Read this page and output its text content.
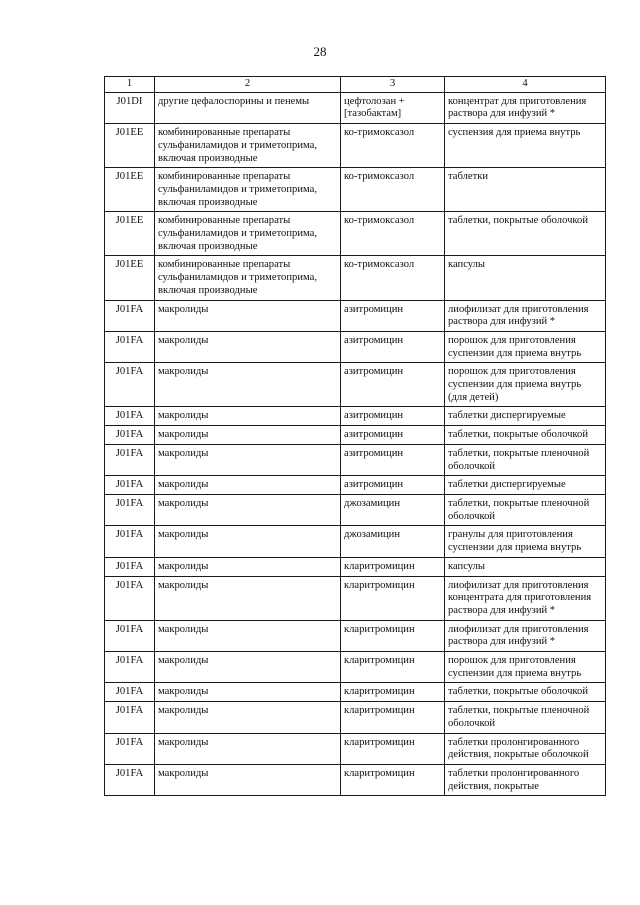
28
1	2	3	4
J01DI	другие цефалоспорины и пенемы	цефтолозан + [тазобактам]	концентрат для приготовления раствора для инфузий *
J01EE	комбинированные препараты сульфаниламидов и триметоприма, включая производные	ко-тримоксазол	суспензия для приема внутрь
J01EE	комбинированные препараты сульфаниламидов и триметоприма, включая производные	ко-тримоксазол	таблетки
J01EE	комбинированные препараты сульфаниламидов и триметоприма, включая производные	ко-тримоксазол	таблетки, покрытые оболочкой
J01EE	комбинированные препараты сульфаниламидов и триметоприма, включая производные	ко-тримоксазол	капсулы
J01FA	макролиды	азитромицин	лиофилизат для приготовления раствора для инфузий *
J01FA	макролиды	азитромицин	порошок для приготовления суспензии для приема внутрь
J01FA	макролиды	азитромицин	порошок для приготовления суспензии для приема внутрь (для детей)
J01FA	макролиды	азитромицин	таблетки диспергируемые
J01FA	макролиды	азитромицин	таблетки, покрытые оболочкой
J01FA	макролиды	азитромицин	таблетки, покрытые пленочной оболочкой
J01FA	макролиды	азитромицин	таблетки диспергируемые
J01FA	макролиды	джозамицин	таблетки, покрытые пленочной оболочкой
J01FA	макролиды	джозамицин	гранулы для приготовления суспензии для приема внутрь
J01FA	макролиды	кларитромицин	капсулы
J01FA	макролиды	кларитромицин	лиофилизат для приготовления концентрата для приготовления раствора для инфузий *
J01FA	макролиды	кларитромицин	лиофилизат для приготовления раствора для инфузий *
J01FA	макролиды	кларитромицин	порошок для приготовления суспензии для приема внутрь
J01FA	макролиды	кларитромицин	таблетки, покрытые оболочкой
J01FA	макролиды	кларитромицин	таблетки, покрытые пленочной оболочкой
J01FA	макролиды	кларитромицин	таблетки пролонгированного действия, покрытые оболочкой
J01FA	макролиды	кларитромицин	таблетки пролонгированного действия, покрытые
